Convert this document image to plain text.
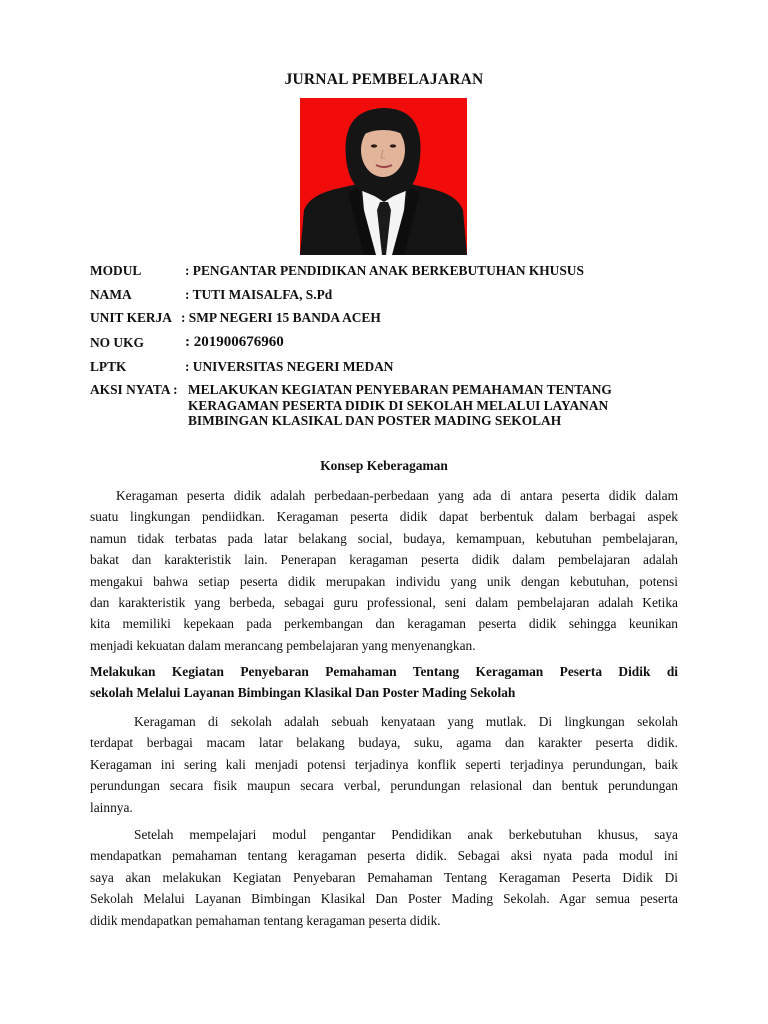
JURNAL PEMBELAJARAN
MODUL	: PENGANTAR PENDIDIKAN ANAK BERKEBUTUHAN KHUSUS
NAMA	: TUTI MAISALFA, S.Pd
UNIT KERJA : SMP NEGERI 15 BANDA ACEH
NO UKG	: 201900676960
LPTK	: UNIVERSITAS NEGERI MEDAN
AKSI NYATA : MELAKUKAN KEGIATAN PENYEBARAN PEMAHAMAN TENTANG
KERAGAMAN PESERTA DIDIK DI SEKOLAH MELALUI LAYANAN
BIMBINGAN KLASIKAL DAN POSTER MADING SEKOLAH
Konsep Keberagaman
Keragaman peserta didik adalah perbedaan-perbedaan yang ada di antara peserta didik dalam
suatu lingkungan pendiidkan. Keragaman peserta didik dapat berbentuk dalam berbagai aspek
namun tidak terbatas pada latar belakang social, budaya, kemampuan, kebutuhan pembelajaran,
bakat dan karakteristik lain. Penerapan keragaman peserta didik dalam pembelajaran adalah
mengakui bahwa setiap peserta didik merupakan individu yang unik dengan kebutuhan, potensi
dan karakteristik yang berbeda, sebagai guru professional, seni dalam pembelajaran adalah Ketika
kita memiliki kepekaan pada perkembangan dan keragaman peserta didik sehingga keunikan
menjadi kekuatan dalam merancang pembelajaran yang menyenangkan.
Melakukan Kegiatan Penyebaran Pemahaman Tentang Keragaman Peserta Didik di
sekolah Melalui Layanan Bimbingan Klasikal Dan Poster Mading Sekolah
Keragaman di sekolah adalah sebuah kenyataan yang mutlak. Di lingkungan sekolah
terdapat berbagai macam latar belakang budaya, suku, agama dan karakter peserta didik.
Keragaman ini sering kali menjadi potensi terjadinya konflik seperti terjadinya perundungan, baik
perundungan secara fisik maupun secara verbal, perundungan relasional dan bentuk perundungan
lainnya.
Setelah mempelajari modul pengantar Pendidikan anak berkebutuhan khusus, saya
mendapatkan pemahaman tentang keragaman peserta didik. Sebagai aksi nyata pada modul ini
saya akan melakukan Kegiatan Penyebaran Pemahaman Tentang Keragaman Peserta Didik Di
Sekolah Melalui Layanan Bimbingan Klasikal Dan Poster Mading Sekolah. Agar semua peserta
didik mendapatkan pemahaman tentang keragaman peserta didik.
